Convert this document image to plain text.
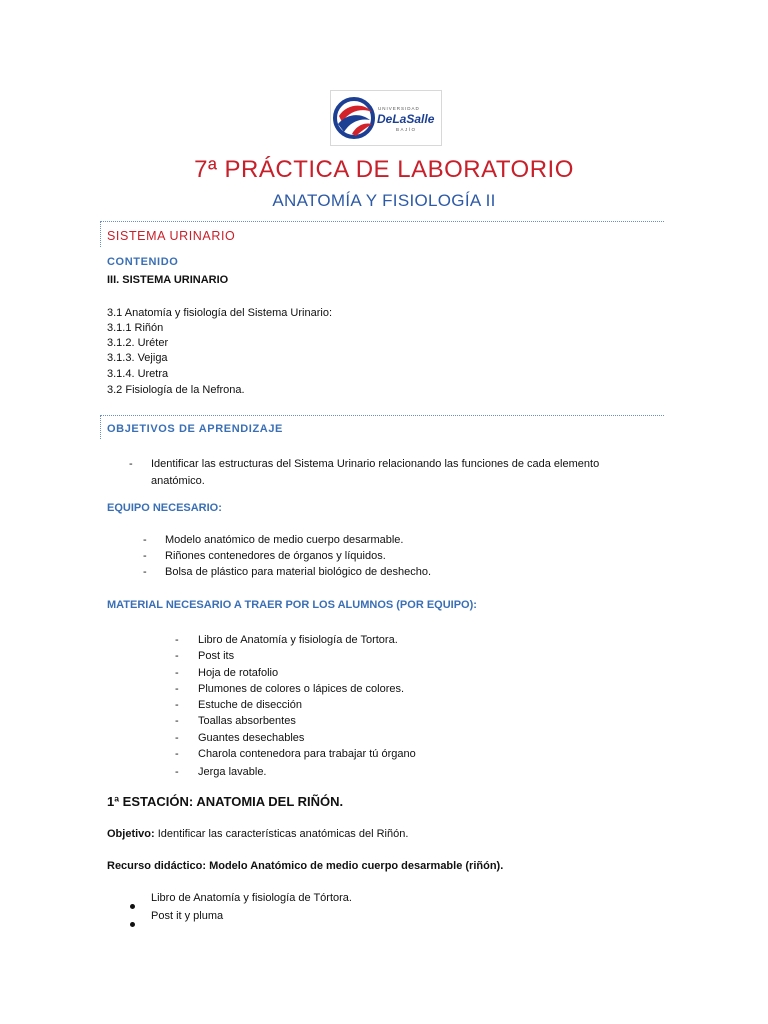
UNIVERSIDAD
DeLaSalle
BAJÍO
7ª PRÁCTICA DE LABORATORIO
ANATOMÍA Y FISIOLOGÍA II
SISTEMA URINARIO
CONTENIDO
III. SISTEMA URINARIO
3.1 Anatomía y fisiología del Sistema Urinario:
3.1.1 Riñón
3.1.2. Uréter
3.1.3. Vejiga
3.1.4. Uretra
3.2 Fisiología de la Nefrona.
OBJETIVOS DE APRENDIZAJE
- Identificar las estructuras del Sistema Urinario relacionando las funciones de cada elemento
anatómico.
EQUIPO NECESARIO:
- Modelo anatómico de medio cuerpo desarmable.
- Riñones contenedores de órganos y líquidos.
- Bolsa de plástico para material biológico de deshecho.
MATERIAL NECESARIO A TRAER POR LOS ALUMNOS (POR EQUIPO):
- Libro de Anatomía y fisiología de Tortora.
- Post its
- Hoja de rotafolio
- Plumones de colores o lápices de colores.
- Estuche de disección
- Toallas absorbentes
- Guantes desechables
- Charola contenedora para trabajar tú órgano
- Jerga lavable.
1ª ESTACIÓN: ANATOMIA DEL RIÑÓN.
Objetivo: Identificar las características anatómicas del Riñón.
Recurso didáctico: Modelo Anatómico de medio cuerpo desarmable (riñón).
Libro de Anatomía y fisiología de Tórtora.
Post it y pluma
